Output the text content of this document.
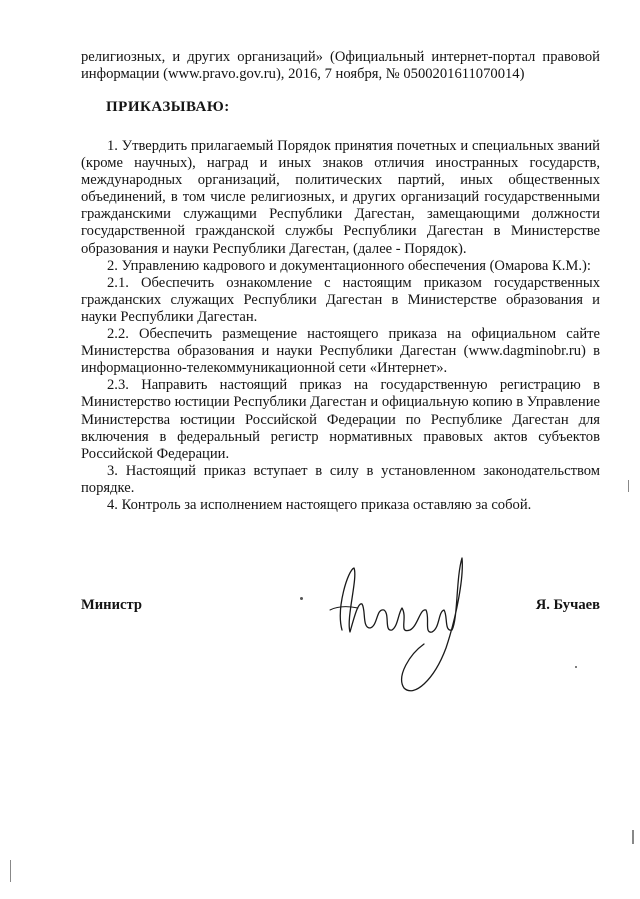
религиозных, и других организаций» (Официальный интернет-портал правовой

информации (www.pravo.gov.ru), 2016, 7 ноября, № 0500201611070014)

ПРИКАЗЫВАЮ:

1. Утвердить прилагаемый Порядок принятия почетных и специальных званий (кроме научных), наград и иных знаков отличия иностранных государств, международных организаций, политических партий, иных общественных объединений, в том числе религиозных, и других организаций государственными гражданскими служащими Республики Дагестан, замещающими должности государственной гражданской службы Республики Дагестан в Министерстве образования и науки Республики Дагестан, (далее - Порядок).

2. Управлению кадрового и документационного обеспечения (Омарова К.М.):

2.1. Обеспечить ознакомление с настоящим приказом государственных гражданских служащих Республики Дагестан в Министерстве образования и науки Республики Дагестан.

2.2. Обеспечить размещение настоящего приказа на официальном сайте Министерства образования и науки Республики Дагестан (www.dagminobr.ru) в информационно-телекоммуникационной сети «Интернет».

2.3. Направить настоящий приказ на государственную регистрацию в Министерство юстиции Республики Дагестан и официальную копию в Управление Министерства юстиции Российской Федерации по Республике Дагестан для включения в федеральный регистр нормативных правовых актов субъектов Российской Федерации.

3. Настоящий приказ вступает в силу в установленном законодательством порядке.

4. Контроль за исполнением настоящего приказа оставляю за собой.

Министр	Я. Бучаев
